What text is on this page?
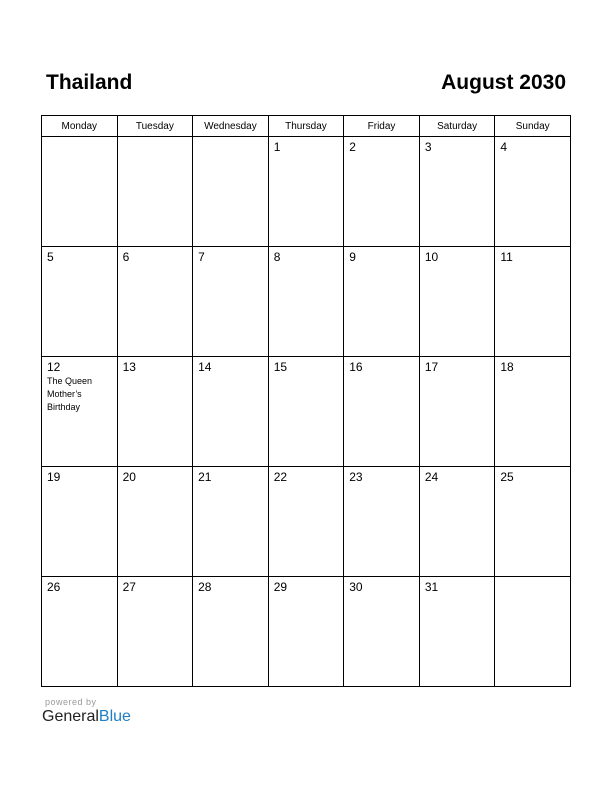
Thailand	August 2030
Monday	Tuesday	Wednesday	Thursday	Friday	Saturday	Sunday

			1	2	3	4

5	6	7	8	9	10	11

12
The Queen Mother’s Birthday	13	14	15	16	17	18

19	20	21	22	23	24	25

26	27	28	29	30	31	

powered by
GeneralBlue
